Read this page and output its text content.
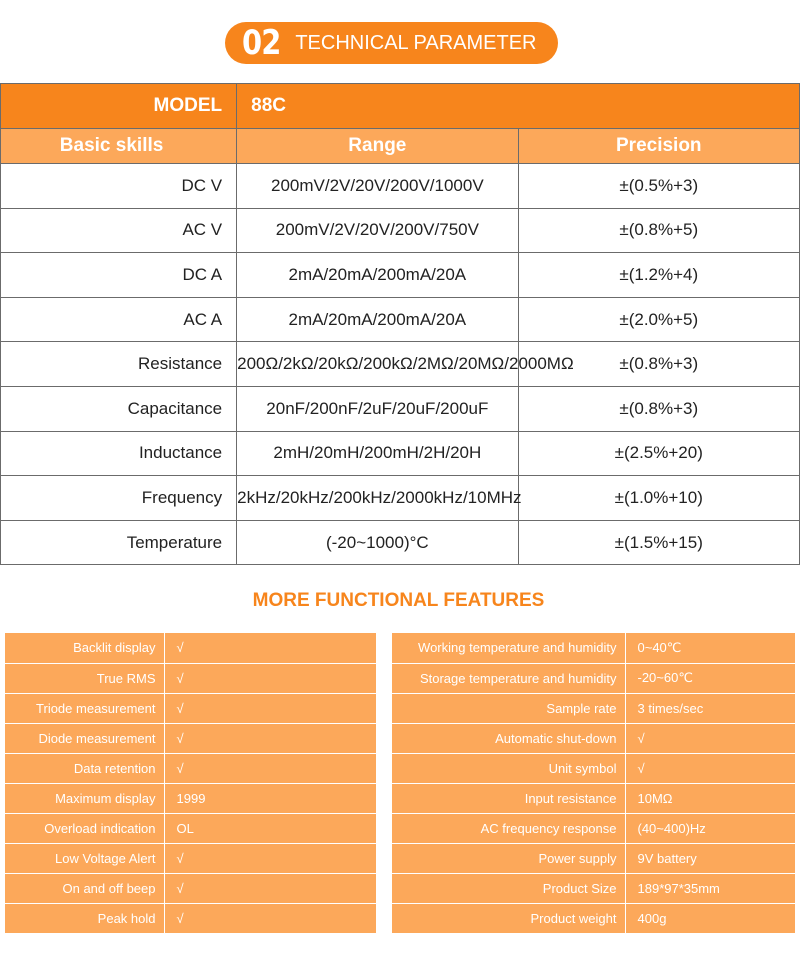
02 TECHNICAL PARAMETER
MODEL	88C	
Basic skills	Range	Precision
DC V	200mV/2V/20V/200V/1000V	±(0.5%+3)
AC V	200mV/2V/20V/200V/750V	±(0.8%+5)
DC A	2mA/20mA/200mA/20A	±(1.2%+4)
AC A	2mA/20mA/200mA/20A	±(2.0%+5)
Resistance	200Ω/2kΩ/20kΩ/200kΩ/2MΩ/20MΩ/2000MΩ	±(0.8%+3)
Capacitance	20nF/200nF/2uF/20uF/200uF	±(0.8%+3)
Inductance	2mH/20mH/200mH/2H/20H	±(2.5%+20)
Frequency	2kHz/20kHz/200kHz/2000kHz/10MHz	±(1.0%+10)
Temperature	(-20~1000)°C	±(1.5%+15)
MORE FUNCTIONAL FEATURES
Backlit display	√
True RMS	√
Triode measurement	√
Diode measurement	√
Data retention	√
Maximum display	1999
Overload indication	OL
Low Voltage Alert	√
On and off beep	√
Peak hold	√
Working temperature and humidity	0~40℃
Storage temperature and humidity	-20~60℃
Sample rate	3 times/sec
Automatic shut-down	√
Unit symbol	√
Input resistance	10MΩ
AC frequency response	(40~400)Hz
Power supply	9V battery
Product Size	189*97*35mm
Product weight	400g
